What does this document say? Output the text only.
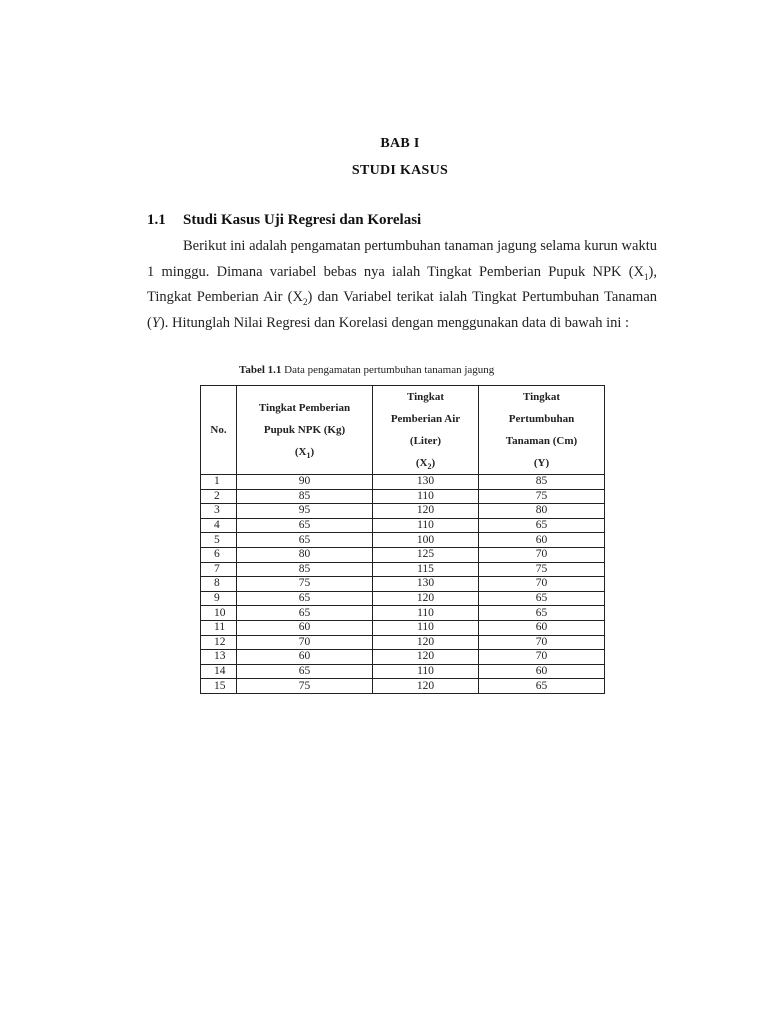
BAB I
STUDI KASUS
1.1 Studi Kasus Uji Regresi dan Korelasi
Berikut ini adalah pengamatan pertumbuhan tanaman jagung selama kurun waktu 1 minggu. Dimana variabel bebas nya ialah Tingkat Pemberian Pupuk NPK $(X_1)$, Tingkat Pemberian Air $(X_2)$ dan Variabel terikat ialah Tingkat Pertumbuhan Tanaman (Y). Hitunglah Nilai Regresi dan Korelasi dengan menggunakan data di bawah ini :
Tabel 1.1 Data pengamatan pertumbuhan tanaman jagung
No.	Tingkat Pemberian
Pupuk NPK (Kg)
$(X_1)$	Tingkat
Pemberian Air
(Liter)
$(X_2)$	Tingkat
Pertumbuhan
Tanaman (Cm)
(Y)
1	90	130	85
2	85	110	75
3	95	120	80
4	65	110	65
5	65	100	60
6	80	125	70
7	85	115	75
8	75	130	70
9	65	120	65
10	65	110	65
11	60	110	60
12	70	120	70
13	60	120	70
14	65	110	60
15	75	120	65
